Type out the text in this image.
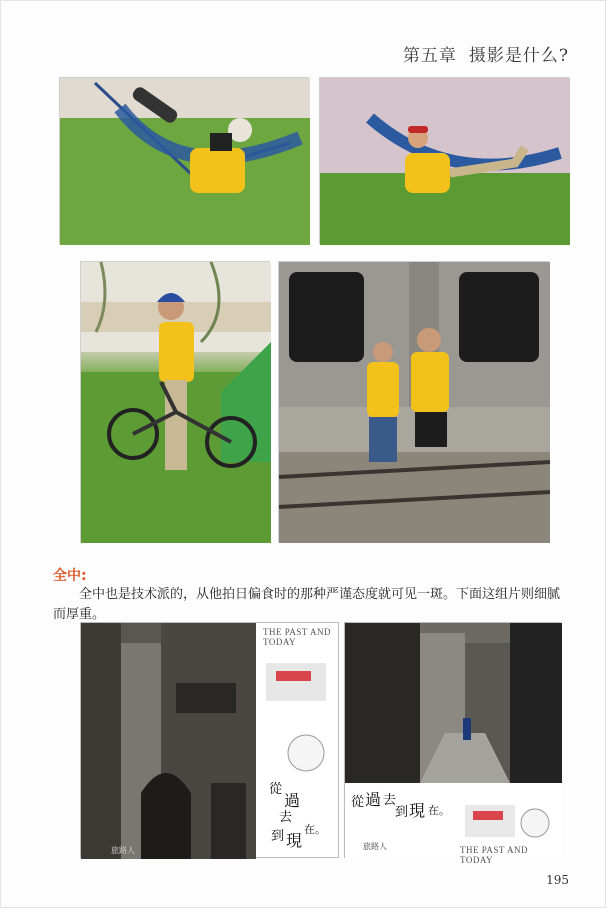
第五章 摄影是什么?
全中:
全中也是技术派的，从他拍日偏食时的那种严谨态度就可见一斑。下面这组片则细腻而厚重。
THE PAST AND
TODAY
從
過
去
到 現
在。
旅路人
從 過 去
到 現 在。
旅路人	THE PAST AND TODAY
195
